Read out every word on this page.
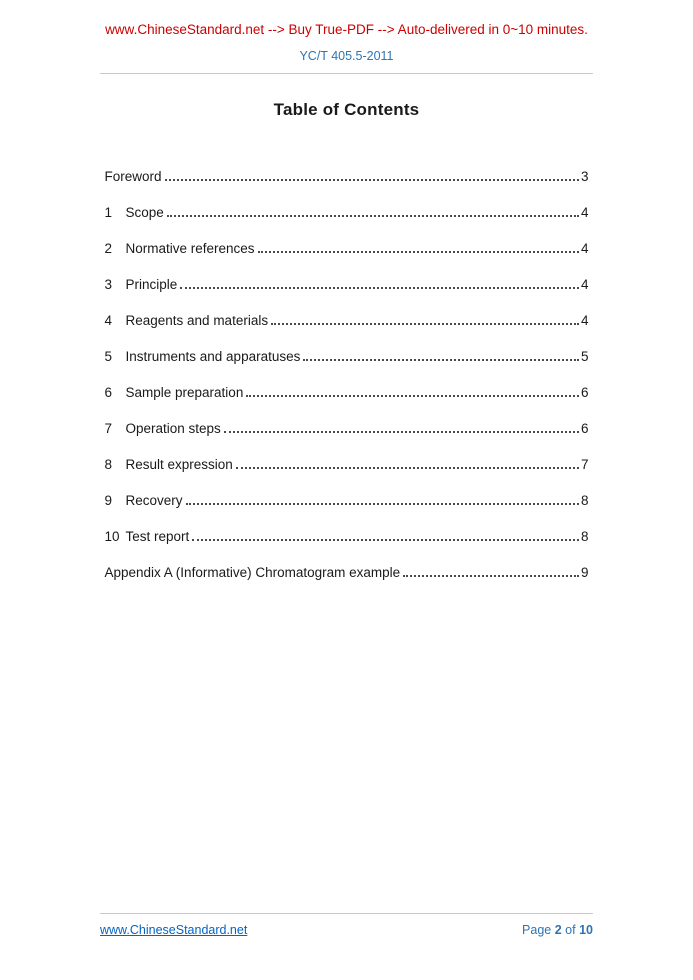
www.ChineseStandard.net --> Buy True-PDF --> Auto-delivered in 0~10 minutes.
YC/T 405.5-2011
Table of Contents
Foreword	3
1 Scope	4
2 Normative references	4
3 Principle	4
4 Reagents and materials	4
5 Instruments and apparatuses	5
6 Sample preparation	6
7 Operation steps	6
8 Result expression	7
9 Recovery	8
10 Test report	8
Appendix A (Informative) Chromatogram example	9
www.ChineseStandard.net	Page 2 of 10
